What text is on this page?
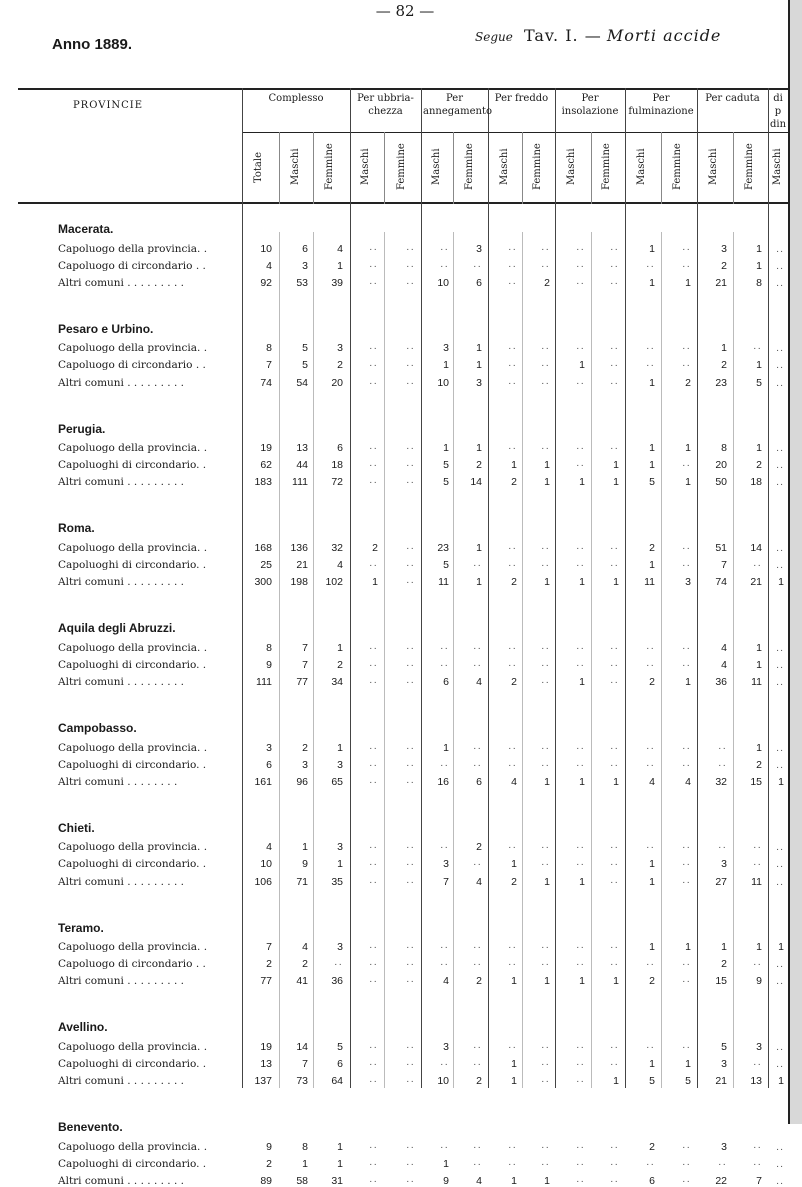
— 82 —
Anno 1889.	Segue Tav. I. — Morti accide
PROVINCIE
Complesso
Totale	Maschi	Femmine
Per ubbria- chezza
Maschi	Femmine
Per annegamento
Maschi	Femmine
Per freddo
Maschi	Femmine
Per insolazione
Maschi	Femmine
Per fulminazione
Maschi	Femmine
Per caduta
Maschi	Femmine
di p din
Maschi
Macerata.
Capoluogo della provincia. .	10	6	4	··	··	··	3	··	··	··	··	1	··	3	1	..
Capoluogo di circondario . .	4	3	1	··	··	··	··	··	··	··	··	··	··	2	1	..
Altri comuni . . . . . . . . .	92	53	39	··	··	10	6	··	2	··	··	1	1	21	8	..
Pesaro e Urbino.
Capoluogo della provincia. .	8	5	3	··	··	3	1	··	··	··	··	··	··	1	··	..
Capoluogo di circondario . .	7	5	2	··	··	1	1	··	··	1	··	··	··	2	1	..
Altri comuni . . . . . . . . .	74	54	20	··	··	10	3	··	··	··	··	1	2	23	5	..
Perugia.
Capoluogo della provincia. .	19	13	6	··	··	1	1	··	··	··	··	1	1	8	1	..
Capoluoghi di circondario. .	62	44	18	··	··	5	2	1	1	··	1	1	··	20	2	..
Altri comuni . . . . . . . . .	183	111	72	··	··	5	14	2	1	1	1	5	1	50	18	..
Roma.
Capoluogo della provincia. .	168	136	32	2	··	23	1	··	··	··	··	2	··	51	14	..
Capoluoghi di circondario. .	25	21	4	··	··	5	··	··	··	··	··	1	··	7	··	..
Altri comuni . . . . . . . . .	300	198	102	1	··	11	1	2	1	1	1	11	3	74	21	1
Aquila degli Abruzzi.
Capoluogo della provincia. .	8	7	1	··	··	··	··	··	··	··	··	··	··	4	1	..
Capoluoghi di circondario. .	9	7	2	··	··	··	··	··	··	··	··	··	··	4	1	..
Altri comuni . . . . . . . . .	111	77	34	··	··	6	4	2	··	1	··	2	1	36	11	..
Campobasso.
Capoluogo della provincia. .	3	2	1	··	··	1	··	··	··	··	··	··	··	··	1	..
Capoluoghi di circondario. .	6	3	3	··	··	··	··	··	··	··	··	··	··	··	2	..
Altri comuni . . . . . . . .	161	96	65	··	··	16	6	4	1	1	1	4	4	32	15	1
Chieti.
Capoluogo della provincia. .	4	1	3	··	··	··	2	··	··	··	··	··	··	··	··	..
Capoluoghi di circondario. .	10	9	1	··	··	3	··	1	··	··	··	1	··	3	··	..
Altri comuni . . . . . . . . .	106	71	35	··	··	7	4	2	1	1	··	1	··	27	11	..
Teramo.
Capoluogo della provincia. .	7	4	3	··	··	··	··	··	··	··	··	1	1	1	1	1
Capoluogo di circondario . .	2	2	··	··	··	··	··	··	··	··	··	··	··	2	··	..
Altri comuni . . . . . . . . .	77	41	36	··	··	4	2	1	1	1	1	2	··	15	9	..
Avellino.
Capoluogo della provincia. .	19	14	5	··	··	3	··	··	··	··	··	··	··	5	3	..
Capoluoghi di circondario. .	13	7	6	··	··	··	··	1	··	··	··	1	1	3	··	..
Altri comuni . . . . . . . . .	137	73	64	··	··	10	2	1	··	··	1	5	5	21	13	1
Benevento.
Capoluogo della provincia. .	9	8	1	··	··	··	··	··	··	··	··	2	··	3	··	..
Capoluoghi di circondario. .	2	1	1	··	··	1	··	··	··	··	··	··	··	··	··	..
Altri comuni . . . . . . . . .	89	58	31	··	··	9	4	1	1	··	··	6	··	22	7	..
